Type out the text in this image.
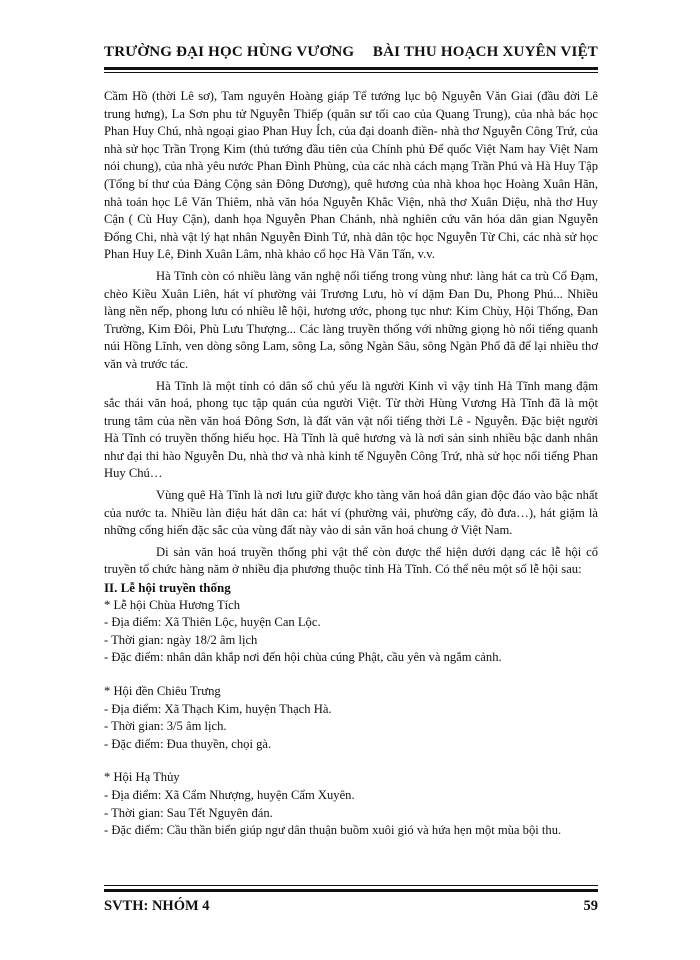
TRƯỜNG ĐẠI HỌC HÙNG VƯƠNG BÀI THU HOẠCH XUYÊN VIỆT

Cầm Hồ (thời Lê sơ), Tam nguyên Hoàng giáp Tể tướng lục bộ Nguyễn Văn Giai (đầu đời Lê trung hưng), La Sơn phu tử Nguyễn Thiếp (quân sư tối cao của Quang Trung), của nhà bác học Phan Huy Chú, nhà ngoại giao Phan Huy Ích, của đại doanh điền- nhà thơ Nguyễn Công Trứ, của nhà sử học Trần Trọng Kim (thủ tướng đầu tiên của Chính phủ Đế quốc Việt Nam hay Việt Nam nói chung), của nhà yêu nước Phan Đình Phùng, của các nhà cách mạng Trần Phú và Hà Huy Tập (Tổng bí thư của Đảng Cộng sản Đông Dương), quê hương của nhà khoa học Hoàng Xuân Hãn, nhà toán học Lê Văn Thiêm, nhà văn hóa Nguyễn Khắc Viện, nhà thơ Xuân Diệu, nhà thơ Huy Cận ( Cù Huy Cận), danh họa Nguyễn Phan Chánh, nhà nghiên cứu văn hóa dân gian Nguyễn Đổng Chi, nhà vật lý hạt nhân Nguyễn Đình Tứ, nhà dân tộc học Nguyễn Từ Chi, các nhà sử học Phan Huy Lê, Đinh Xuân Lâm, nhà khảo cổ học Hà Văn Tấn, v.v.

Hà Tĩnh còn có nhiều làng văn nghệ nổi tiếng trong vùng như: làng hát ca trù Cổ Đạm, chèo Kiều Xuân Liên, hát ví phường vải Trương Lưu, hò ví dặm Đan Du, Phong Phú... Nhiều làng nền nếp, phong lưu có nhiều lễ hội, hương ước, phong tục như: Kim Chùy, Hội Thống, Đan Trường, Kim Đôi, Phù Lưu Thượng... Các làng truyền thống với những giọng hò nổi tiếng quanh núi Hồng Lĩnh, ven dòng sông Lam, sông La, sông Ngàn Sâu, sông Ngàn Phố đã để lại nhiều thơ văn và trước tác.

Hà Tĩnh là một tỉnh có dân số chủ yếu là người Kinh vì vậy tỉnh Hà Tĩnh mang đậm sắc thái văn hoá, phong tục tập quán của người Việt. Từ thời Hùng Vương Hà Tĩnh đã là một trung tâm của nền văn hoá Đông Sơn, là đất văn vật nổi tiếng thời Lê - Nguyễn. Đặc biệt người Hà Tĩnh có truyền thống hiếu học. Hà Tĩnh là quê hương và là nơi sản sinh nhiều bậc danh nhân như đại thi hào Nguyễn Du, nhà thơ và nhà kinh tế Nguyễn Công Trứ, nhà sử học nổi tiếng Phan Huy Chú…

Vùng quê Hà Tĩnh là nơi lưu giữ được kho tàng văn hoá dân gian độc đáo vào bậc nhất của nước ta. Nhiều làn điệu hát dân ca: hát ví (phường vải, phường cấy, đò đưa…), hát giặm là những cống hiến đặc sắc của vùng đất này vào di sản văn hoá chung ở Việt Nam.

Di sản văn hoá truyền thống phi vật thể còn được thể hiện dưới dạng các lễ hội cổ truyền tổ chức hàng năm ở nhiều địa phương thuộc tỉnh Hà Tĩnh. Có thể nêu một số lễ hội sau:

II. Lễ hội truyền thống

* Lễ hội Chùa Hương Tích
- Địa điểm: Xã Thiên Lộc, huyện Can Lộc.
- Thời gian: ngày 18/2 âm lịch
- Đặc điểm: nhân dân khắp nơi đến hội chùa cúng Phật, cầu yên và ngắm cảnh.
* Hội đền Chiêu Trưng
- Địa điểm: Xã Thạch Kim, huyện Thạch Hà.
- Thời gian: 3/5 âm lịch.
- Đặc điểm: Đua thuyền, chọi gà.
* Hội Hạ Thủy
- Địa điểm: Xã Cẩm Nhượng, huyện Cẩm Xuyên.
- Thời gian: Sau Tết Nguyên đán.

- Đặc điểm: Cầu thần biển giúp ngư dân thuận buồm xuôi gió và hứa hẹn một mùa bội thu.

SVTH: NHÓM 4	59
